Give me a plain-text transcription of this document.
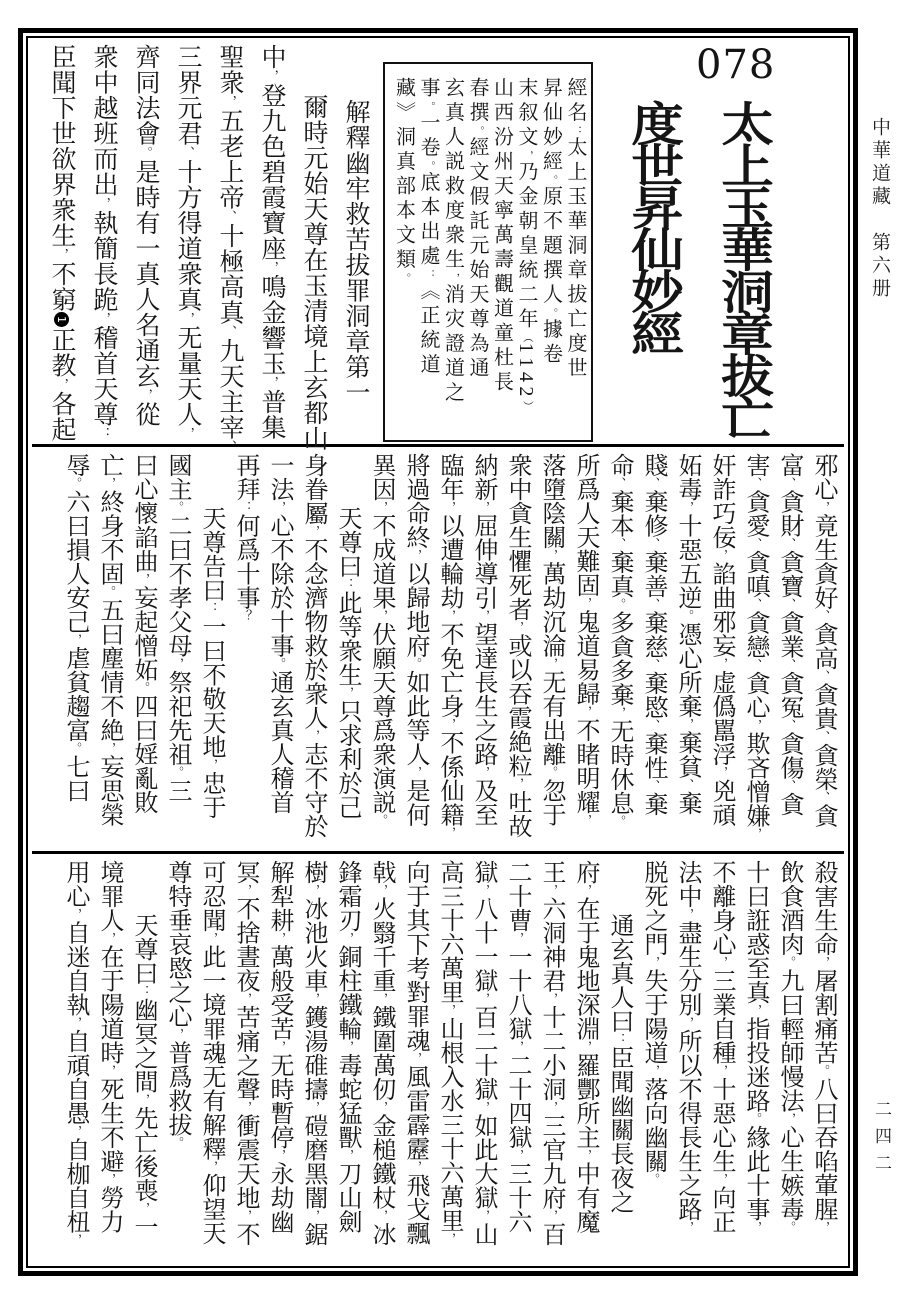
中華道藏　第六册
二四二
078
太上玉華洞章拔亡
度世昇仙妙經
經名：太上玉華洞章拔亡度世
昇仙妙經。原不題撰人。據卷
末叙文，乃金朝皇統二年（1142）
山西汾州天寧萬壽觀道童杜長
春撰。經文假託元始天尊為通
玄真人説救度衆生，消灾證道之
事。一卷。底本出處：《正統道
藏》洞真部本文類。
解釋幽牢救苦拔罪洞章第一
爾時元始天尊在玉清境上玄都山
中，登九色碧霞寶座，鳴金響玉，普集
聖衆，五老上帝、十極高真、九天主宰、
三界元君、十方得道衆真，无量天人，
齊同法會。是時有一真人名通玄，從
衆中越班而出，執簡長跪，稽首天尊：
臣聞下世欲界衆生，不窮1正教，各起
邪心，竟生貪好、貪高、貪貴、貪榮、貪
富、貪財、貪寶、貪業、貪冤、貪傷、貪
害、貪愛、貪嗔、貪戀、貪心，欺吝憎嫌，
奸詐巧佞，諂曲邪妄，虚僞嚚浮，兇頑
妬毒，十惡五逆。憑心所棄，棄貧、棄
賤、棄修、棄善、棄慈、棄愍、棄性、棄
命、棄本、棄真。多貪多棄，无時休息。
所爲人天難固，鬼道易歸，不睹明耀，
落墮陰關，萬劫沉淪，无有出離。忽于
衆中貪生懼死者，或以吞霞絶粒，吐故
納新，屈伸導引，望達長生之路，及至
臨年，以遭輪劫，不免亡身，不係仙籍，
將過命終，以歸地府。如此等人，是何
異因，不成道果，伏願天尊爲衆演説。
天尊曰：此等衆生，只求利於己
身眷屬，不念濟物救於衆人，志不守於
一法，心不除於十事。通玄真人稽首
再拜：何爲十事？
天尊告曰：一曰不敬天地，忠于
國主。二曰不孝父母，祭祀先祖。三
曰心懷諂曲，妄起憎妬。四曰婬亂敗
亡，終身不固。五曰塵情不絶，妄思榮
辱。六曰損人安己，虐貧趨富。七曰
殺害生命，屠割痛苦。八曰吞啗葷腥，
飲食酒肉。九曰輕師慢法，心生嫉毒。
十曰誑惑至真，指投迷路。緣此十事，
不離身心，三業自種，十惡心生，向正
法中，盡生分別，所以不得長生之路，
脱死之門，失于陽道，落向幽關。
通玄真人曰：臣聞幽關長夜之
府，在于鬼地深淵，羅酆所主，中有魔
王，六洞神君，十二小洞，三官九府，百
二十曹，一十八獄，二十四獄，三十六
獄，八十一獄，百二十獄，如此大獄，山
高三十六萬里，山根入水三十六萬里，
向于其下考對罪魂，風雷霹靂，飛戈飄
戟，火翳千重，鐵圍萬仞，金槌鐵杖，冰
鋒霜刃，銅柱鐵輪，毒蛇猛獸，刀山劍
樹，冰池火車，鑊湯碓擣，磑磨黑闇，鋸
解犁耕，萬般受苦，无時暫停，永劫幽
冥，不捨晝夜，苦痛之聲，衝震天地，不
可忍聞，此一境罪魂无有解釋，仰望天
尊特垂哀愍之心，普爲救拔。
天尊曰：幽冥之間，先亡後喪，一
境罪人，在于陽道時，死生不避，勞力
用心，自迷自執，自頑自愚，自枷自杻，
